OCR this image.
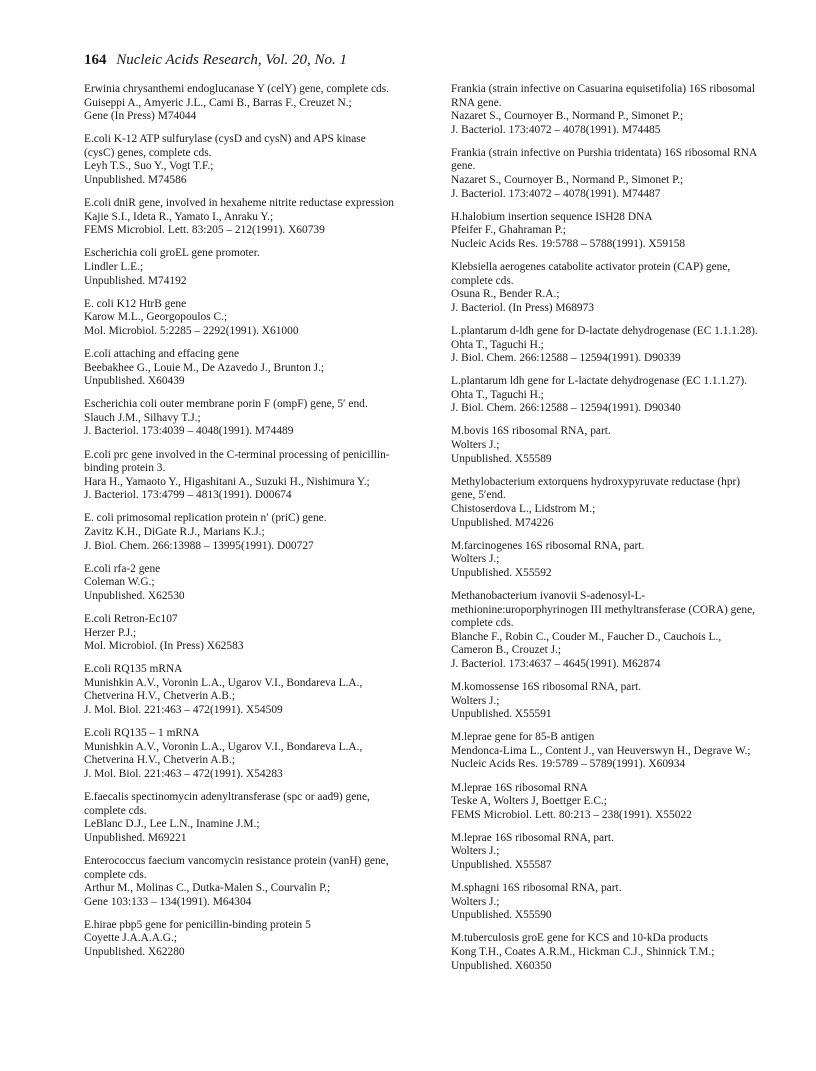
164 Nucleic Acids Research, Vol. 20, No. 1
Erwinia chrysanthemi endoglucanase Y (celY) gene, complete cds.
Guiseppi A., Amyeric J.L., Cami B., Barras F., Creuzet N.;
Gene (In Press) M74044
E.coli K-12 ATP sulfurylase (cysD and cysN) and APS kinase
(cysC) genes, complete cds.
Leyh T.S., Suo Y., Vogt T.F.;
Unpublished. M74586
E.coli dniR gene, involved in hexaheme nitrite reductase expression
Kajie S.I., Ideta R., Yamato I., Anraku Y.;
FEMS Microbiol. Lett. 83:205 – 212(1991). X60739
Escherichia coli groEL gene promoter.
Lindler L.E.;
Unpublished. M74192
E. coli K12 HtrB gene
Karow M.L., Georgopoulos C.;
Mol. Microbiol. 5:2285 – 2292(1991). X61000
E.coli attaching and effacing gene
Beebakhee G., Louie M., De Azavedo J., Brunton J.;
Unpublished. X60439
Escherichia coli outer membrane porin F (ompF) gene, 5′ end.
Slauch J.M., Silhavy T.J.;
J. Bacteriol. 173:4039 – 4048(1991). M74489
E.coli prc gene involved in the C-terminal processing of penicillin-
binding protein 3.
Hara H., Yamaoto Y., Higashitani A., Suzuki H., Nishimura Y.;
J. Bacteriol. 173:4799 – 4813(1991). D00674
E. coli primosomal replication protein n′ (priC) gene.
Zavitz K.H., DiGate R.J., Marians K.J.;
J. Biol. Chem. 266:13988 – 13995(1991). D00727
E.coli rfa-2 gene
Coleman W.G.;
Unpublished. X62530
E.coli Retron-Ec107
Herzer P.J.;
Mol. Microbiol. (In Press) X62583
E.coli RQ135 mRNA
Munishkin A.V., Voronin L.A., Ugarov V.I., Bondareva L.A.,
Chetverina H.V., Chetverin A.B.;
J. Mol. Biol. 221:463 – 472(1991). X54509
E.coli RQ135 – 1 mRNA
Munishkin A.V., Voronin L.A., Ugarov V.I., Bondareva L.A.,
Chetverina H.V., Chetverin A.B.;
J. Mol. Biol. 221:463 – 472(1991). X54283
E.faecalis spectinomycin adenyltransferase (spc or aad9) gene,
complete cds.
LeBlanc D.J., Lee L.N., Inamine J.M.;
Unpublished. M69221
Enterococcus faecium vancomycin resistance protein (vanH) gene,
complete cds.
Arthur M., Molinas C., Dutka-Malen S., Courvalin P.;
Gene 103:133 – 134(1991). M64304
E.hirae pbp5 gene for penicillin-binding protein 5
Coyette J.A.A.A.G.;
Unpublished. X62280
Frankia (strain infective on Casuarina equisetifolia) 16S ribosomal
RNA gene.
Nazaret S., Cournoyer B., Normand P., Simonet P.;
J. Bacteriol. 173:4072 – 4078(1991). M74485
Frankia (strain infective on Purshia tridentata) 16S ribosomal RNA
gene.
Nazaret S., Cournoyer B., Normand P., Simonet P.;
J. Bacteriol. 173:4072 – 4078(1991). M74487
H.halobium insertion sequence ISH28 DNA
Pfeifer F., Ghahraman P.;
Nucleic Acids Res. 19:5788 – 5788(1991). X59158
Klebsiella aerogenes catabolite activator protein (CAP) gene,
complete cds.
Osuna R., Bender R.A.;
J. Bacteriol. (In Press) M68973
L.plantarum d-ldh gene for D-lactate dehydrogenase (EC 1.1.1.28).
Ohta T., Taguchi H.;
J. Biol. Chem. 266:12588 – 12594(1991). D90339
L.plantarum ldh gene for L-lactate dehydrogenase (EC 1.1.1.27).
Ohta T., Taguchi H.;
J. Biol. Chem. 266:12588 – 12594(1991). D90340
M.bovis 16S ribosomal RNA, part.
Wolters J.;
Unpublished. X55589
Methylobacterium extorquens hydroxypyruvate reductase (hpr)
gene, 5′end.
Chistoserdova L., Lidstrom M.;
Unpublished. M74226
M.farcinogenes 16S ribosomal RNA, part.
Wolters J.;
Unpublished. X55592
Methanobacterium ivanovii S-adenosyl-L-
methionine:uroporphyrinogen III methyltransferase (CORA) gene,
complete cds.
Blanche F., Robin C., Couder M., Faucher D., Cauchois L.,
Cameron B., Crouzet J.;
J. Bacteriol. 173:4637 – 4645(1991). M62874
M.komossense 16S ribosomal RNA, part.
Wolters J.;
Unpublished. X55591
M.leprae gene for 85-B antigen
Mendonca-Lima L., Content J., van Heuverswyn H., Degrave W.;
Nucleic Acids Res. 19:5789 – 5789(1991). X60934
M.leprae 16S ribosomal RNA
Teske A, Wolters J, Boettger E.C.;
FEMS Microbiol. Lett. 80:213 – 238(1991). X55022
M.leprae 16S ribosomal RNA, part.
Wolters J.;
Unpublished. X55587
M.sphagni 16S ribosomal RNA, part.
Wolters J.;
Unpublished. X55590
M.tuberculosis groE gene for KCS and 10-kDa products
Kong T.H., Coates A.R.M., Hickman C.J., Shinnick T.M.;
Unpublished. X60350
